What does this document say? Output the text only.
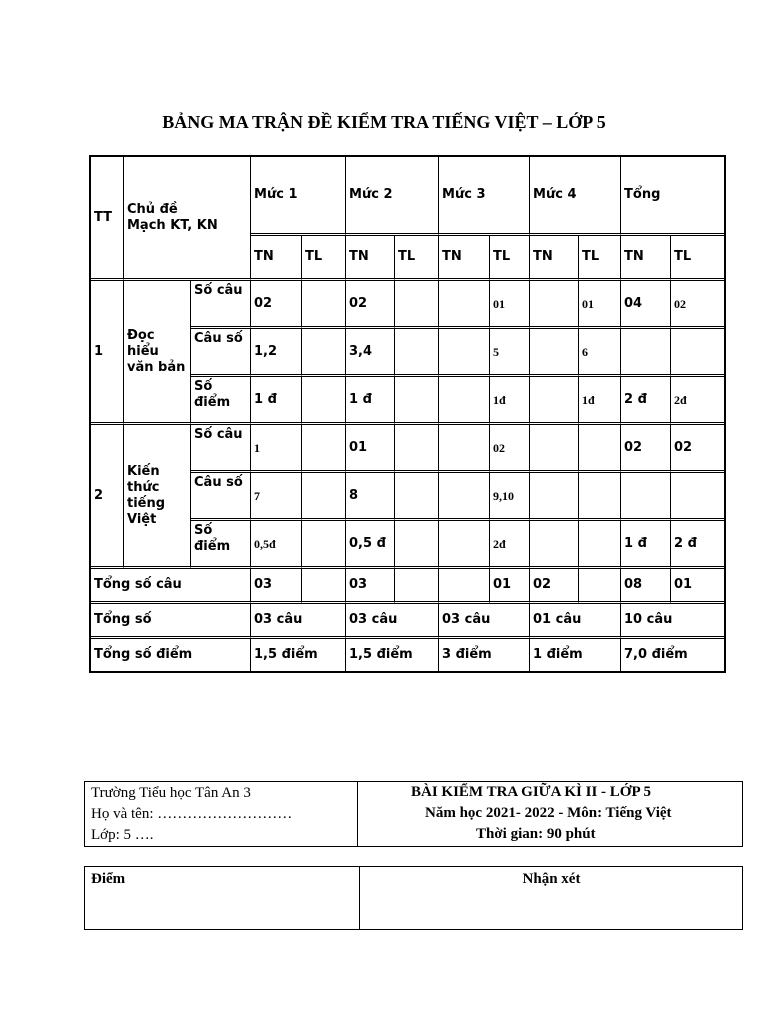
BẢNG MA TRẬN ĐỀ KIỂM TRA TIẾNG VIỆT – LỚP 5
TT	Chủ đề
Mạch KT, KN		Mức 1		Mức 2		Mức 3		Mức 4		Tổng	
			TN	TL	TN	TL	TN	TL	TN	TL	TN	TL
1	Đọc hiểu văn bản	Số câu	02		02			01		01	04	02
		Câu số	1,2		3,4			5		6		
		Số điểm	1 đ		1 đ			1đ		1đ	2 đ	2đ
2	Kiến thức tiếng Việt	Số câu	1		01			02			02	02
		Câu số	7		8			9,10				
		Số điểm	0,5đ		0,5 đ			2đ			1 đ	2 đ
Tổng số câu			03		03			01	02		08	01
Tổng số			03 câu		03 câu		03 câu		01 câu		10 câu	
Tổng số điểm			1,5 điểm		1,5 điểm		3 điểm		1 điểm		7,0 điểm	
Trường Tiểu học Tân An 3
Họ và tên: ………………………
Lớp: 5 ….
BÀI KIỂM TRA GIỮA KÌ II - LỚP 5
Năm học 2021- 2022 - Môn: Tiếng Việt
Thời gian: 90 phút
Điểm	Nhận xét
